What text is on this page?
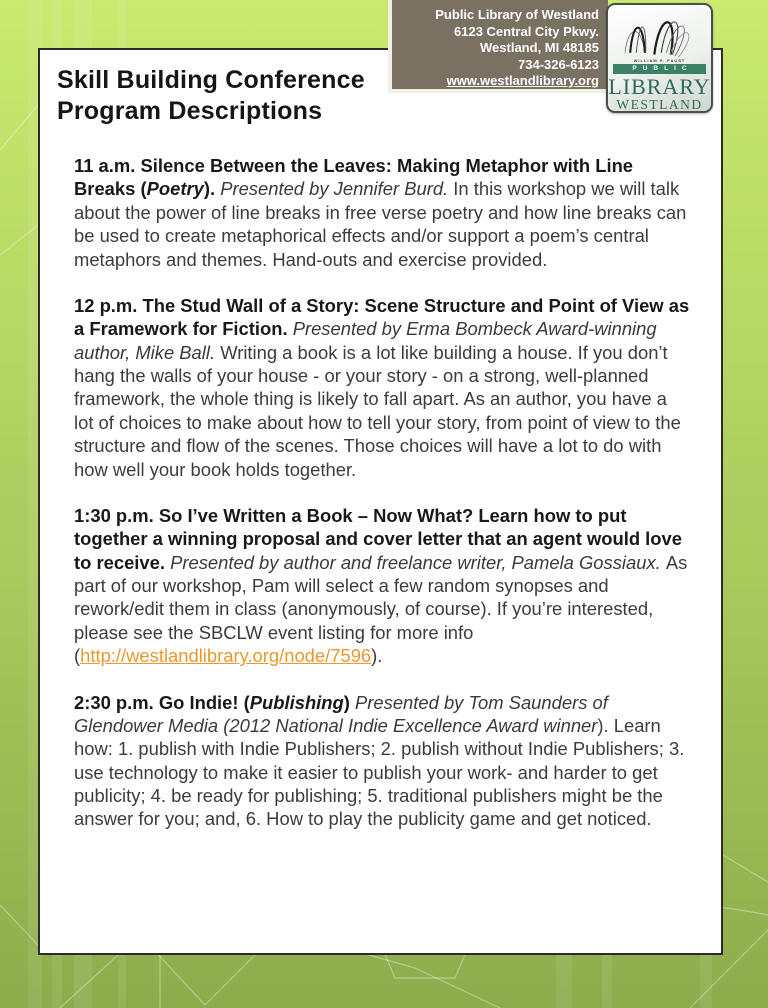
Skill Building Conference
Program Descriptions

11 a.m. Silence Between the Leaves: Making Metaphor with Line Breaks (Poetry). Presented by Jennifer Burd. In this workshop we will talk about the power of line breaks in free verse poetry and how line breaks can be used to create metaphorical effects and/or support a poem’s central metaphors and themes. Hand-outs and exercise provided.

12 p.m. The Stud Wall of a Story: Scene Structure and Point of View as a Framework for Fiction. Presented by Erma Bombeck Award-winning author, Mike Ball. Writing a book is a lot like building a house. If you don’t hang the walls of your house - or your story - on a strong, well-planned framework, the whole thing is likely to fall apart. As an author, you have a lot of choices to make about how to tell your story, from point of view to the structure and flow of the scenes. Those choices will have a lot to do with how well your book holds together.

1:30 p.m. So I’ve Written a Book – Now What? Learn how to put together a winning proposal and cover letter that an agent would love to receive. Presented by author and freelance writer, Pamela Gossiaux. As part of our workshop, Pam will select a few random synopses and rework/edit them in class (anonymously, of course). If you’re interested, please see the SBCLW event listing for more info (http://westlandlibrary.org/node/7596).

2:30 p.m. Go Indie! (Publishing) Presented by Tom Saunders of Glendower Media (2012 National Indie Excellence Award winner). Learn how: 1. publish with Indie Publishers; 2. publish without Indie Publishers; 3. use technology to make it easier to publish your work- and harder to get publicity; 4. be ready for publishing; 5. traditional publishers might be the answer for you; and, 6. How to play the publicity game and get noticed.

Public Library of Westland
6123 Central City Pkwy.
Westland, MI 48185
734-326-6123
www.westlandlibrary.org
WILLIAM P. FAUST
PUBLIC
LIBRARY
WESTLAND
